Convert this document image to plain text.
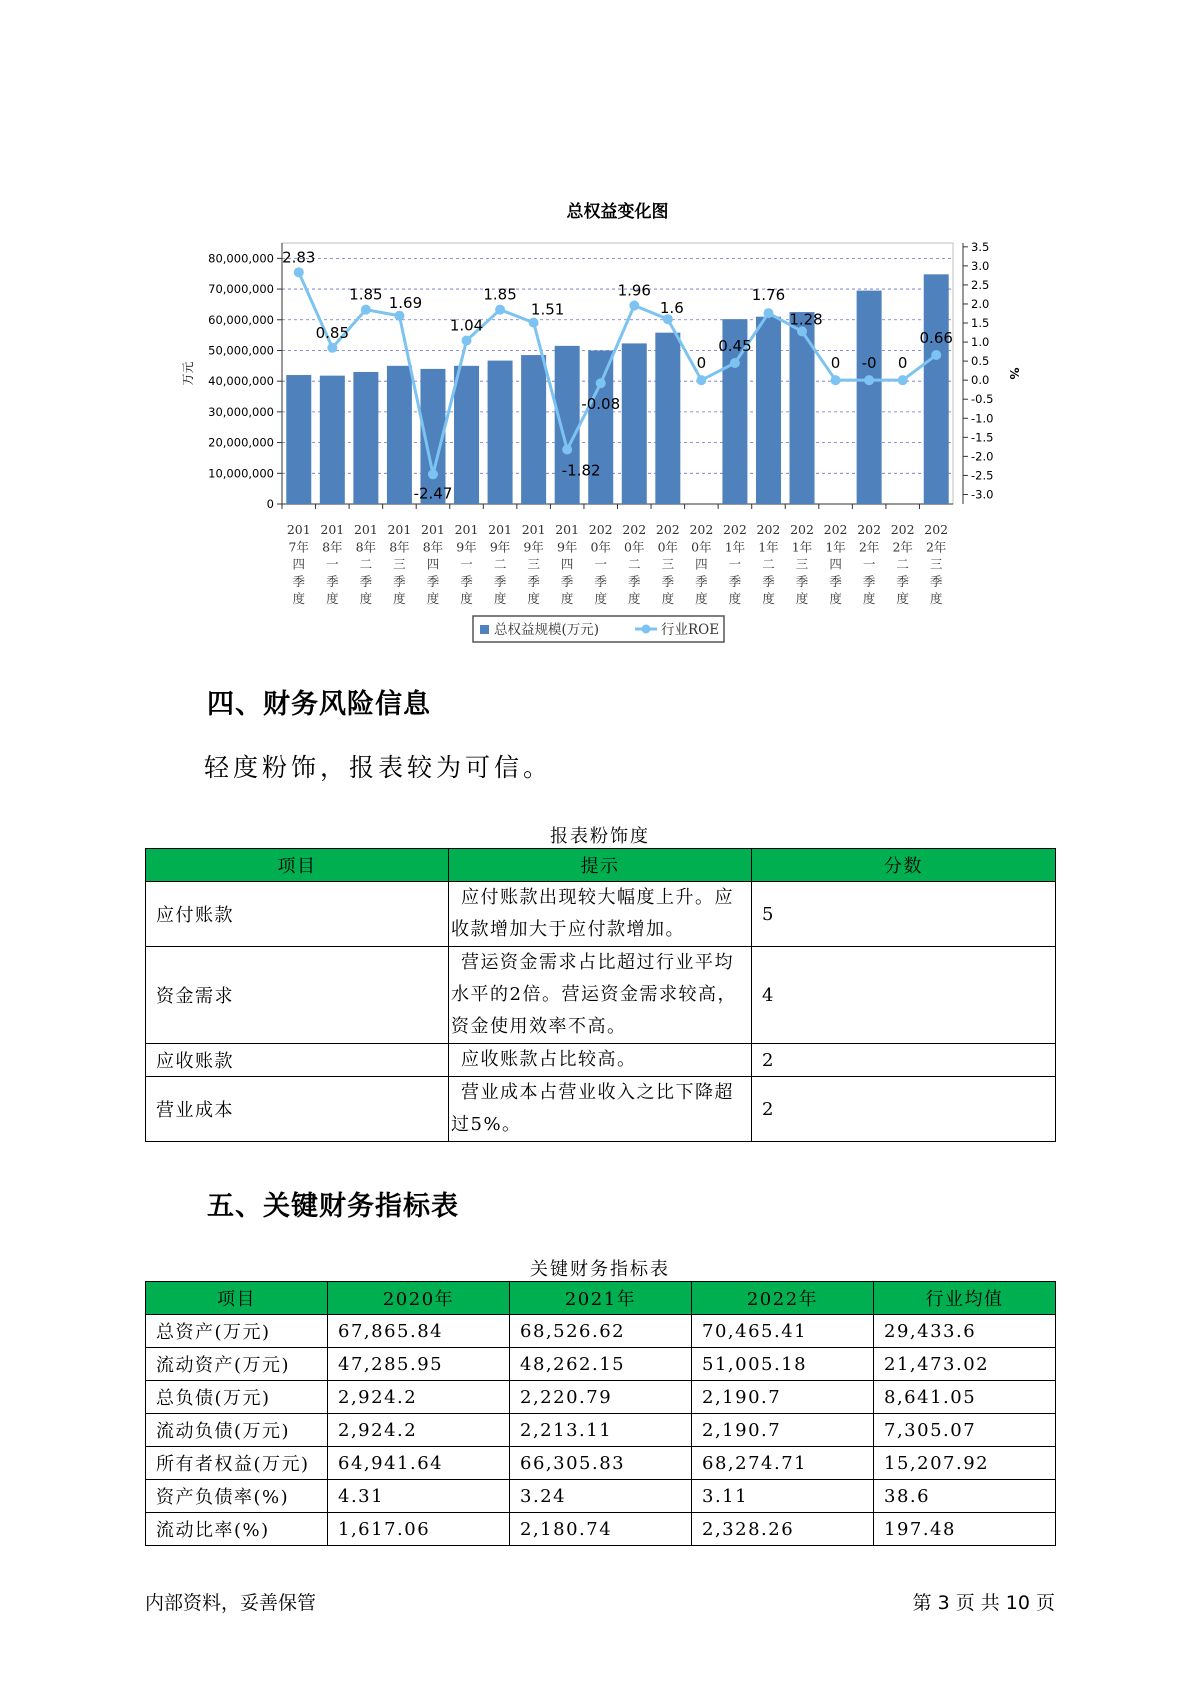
总权益变化图
0
10,000,000
20,000,000
30,000,000
40,000,000
50,000,000
60,000,000
70,000,000
80,000,000
3.5
3.0
2.5
2.0
1.5
1.0
0.5
0.0
-0.5
-1.0
-1.5
-2.0
-2.5
-3.0
万元	%
201
7年
四
季
度
201
8年
一
季
度
201
8年
二
季
度
201
8年
三
季
度
201
8年
四
季
度
201
9年
一
季
度
201
9年
二
季
度
201
9年
三
季
度
201
9年
四
季
度
202
0年
一
季
度
202
0年
二
季
度
202
0年
三
季
度
202
0年
四
季
度
202
1年
一
季
度
202
1年
二
季
度
202
1年
三
季
度
202
1年
四
季
度
202
2年
一
季
度
202
2年
二
季
度
202
2年
三
季
度
2.83
0.85
1.85 1.69
-2.47
1.04
1.85
1.51
-1.82
-0.08
1.96
1.6
0
0.45
1.76
1.28
0 -0 0
0.66
总权益规模(万元)	行业ROE
四、财务风险信息
轻度粉饰，报表较为可信。
报表粉饰度
项目	提示	分数
应付账款	应付账款出现较大幅度上升。应
收款增加大于应付款增加。	5
资金需求	营运资金需求占比超过行业平均
水平的2倍。营运资金需求较高，
资金使用效率不高。	4
应收账款	应收账款占比较高。	2
营业成本	营业成本占营业收入之比下降超
过5%。	2
五、关键财务指标表
关键财务指标表
项目	2020年	2021年	2022年	行业均值
总资产(万元)	67,865.84	68,526.62	70,465.41	29,433.6
流动资产(万元)	47,285.95	48,262.15	51,005.18	21,473.02
总负债(万元)	2,924.2	2,220.79	2,190.7	8,641.05
流动负债(万元)	2,924.2	2,213.11	2,190.7	7,305.07
所有者权益(万元)	64,941.64	66,305.83	68,274.71	15,207.92
资产负债率(%)	4.31	3.24	3.11	38.6
流动比率(%)	1,617.06	2,180.74	2,328.26	197.48
内部资料，妥善保管	第 3 页 共 10 页
